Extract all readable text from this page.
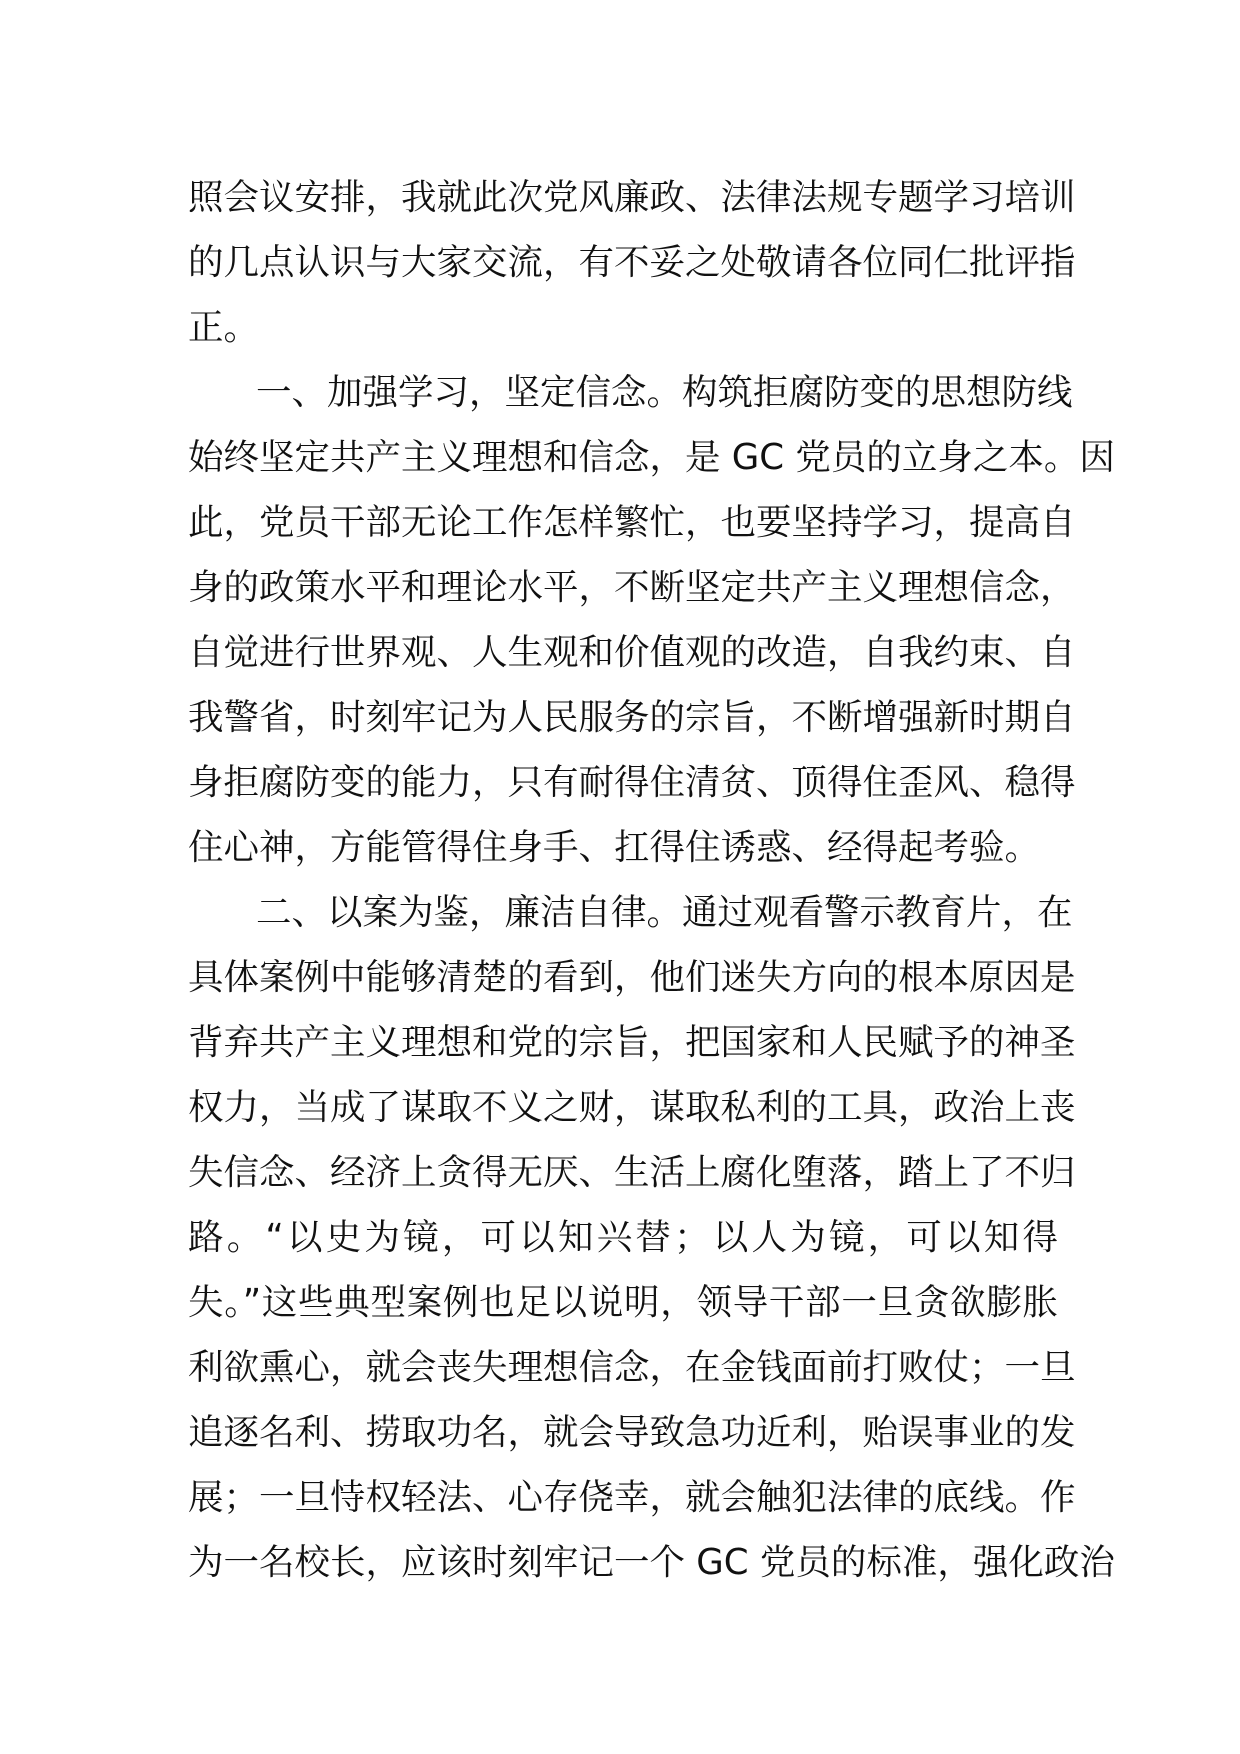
照会议安排，我就此次党风廉政、法律法规专题学习培训
的几点认识与大家交流，有不妥之处敬请各位同仁批评指
正。
一、加强学习，坚定信念。构筑拒腐防变的思想防线
始终坚定共产主义理想和信念，是 GC 党员的立身之本。因
此，党员干部无论工作怎样繁忙，也要坚持学习，提高自
身的政策水平和理论水平，不断坚定共产主义理想信念，
自觉进行世界观、人生观和价值观的改造，自我约束、自
我警省，时刻牢记为人民服务的宗旨，不断增强新时期自
身拒腐防变的能力，只有耐得住清贫、顶得住歪风、稳得
住心神，方能管得住身手、扛得住诱惑、经得起考验。
二、以案为鉴，廉洁自律。通过观看警示教育片，在
具体案例中能够清楚的看到，他们迷失方向的根本原因是
背弃共产主义理想和党的宗旨，把国家和人民赋予的神圣
权力，当成了谋取不义之财，谋取私利的工具，政治上丧
失信念、经济上贪得无厌、生活上腐化堕落，踏上了不归
路。“以史为镜，可以知兴替；以人为镜，可以知得
失。”这些典型案例也足以说明，领导干部一旦贪欲膨胀
利欲熏心，就会丧失理想信念，在金钱面前打败仗；一旦
追逐名利、捞取功名，就会导致急功近利，贻误事业的发
展；一旦恃权轻法、心存侥幸，就会触犯法律的底线。作
为一名校长，应该时刻牢记一个 GC 党员的标准，强化政治
